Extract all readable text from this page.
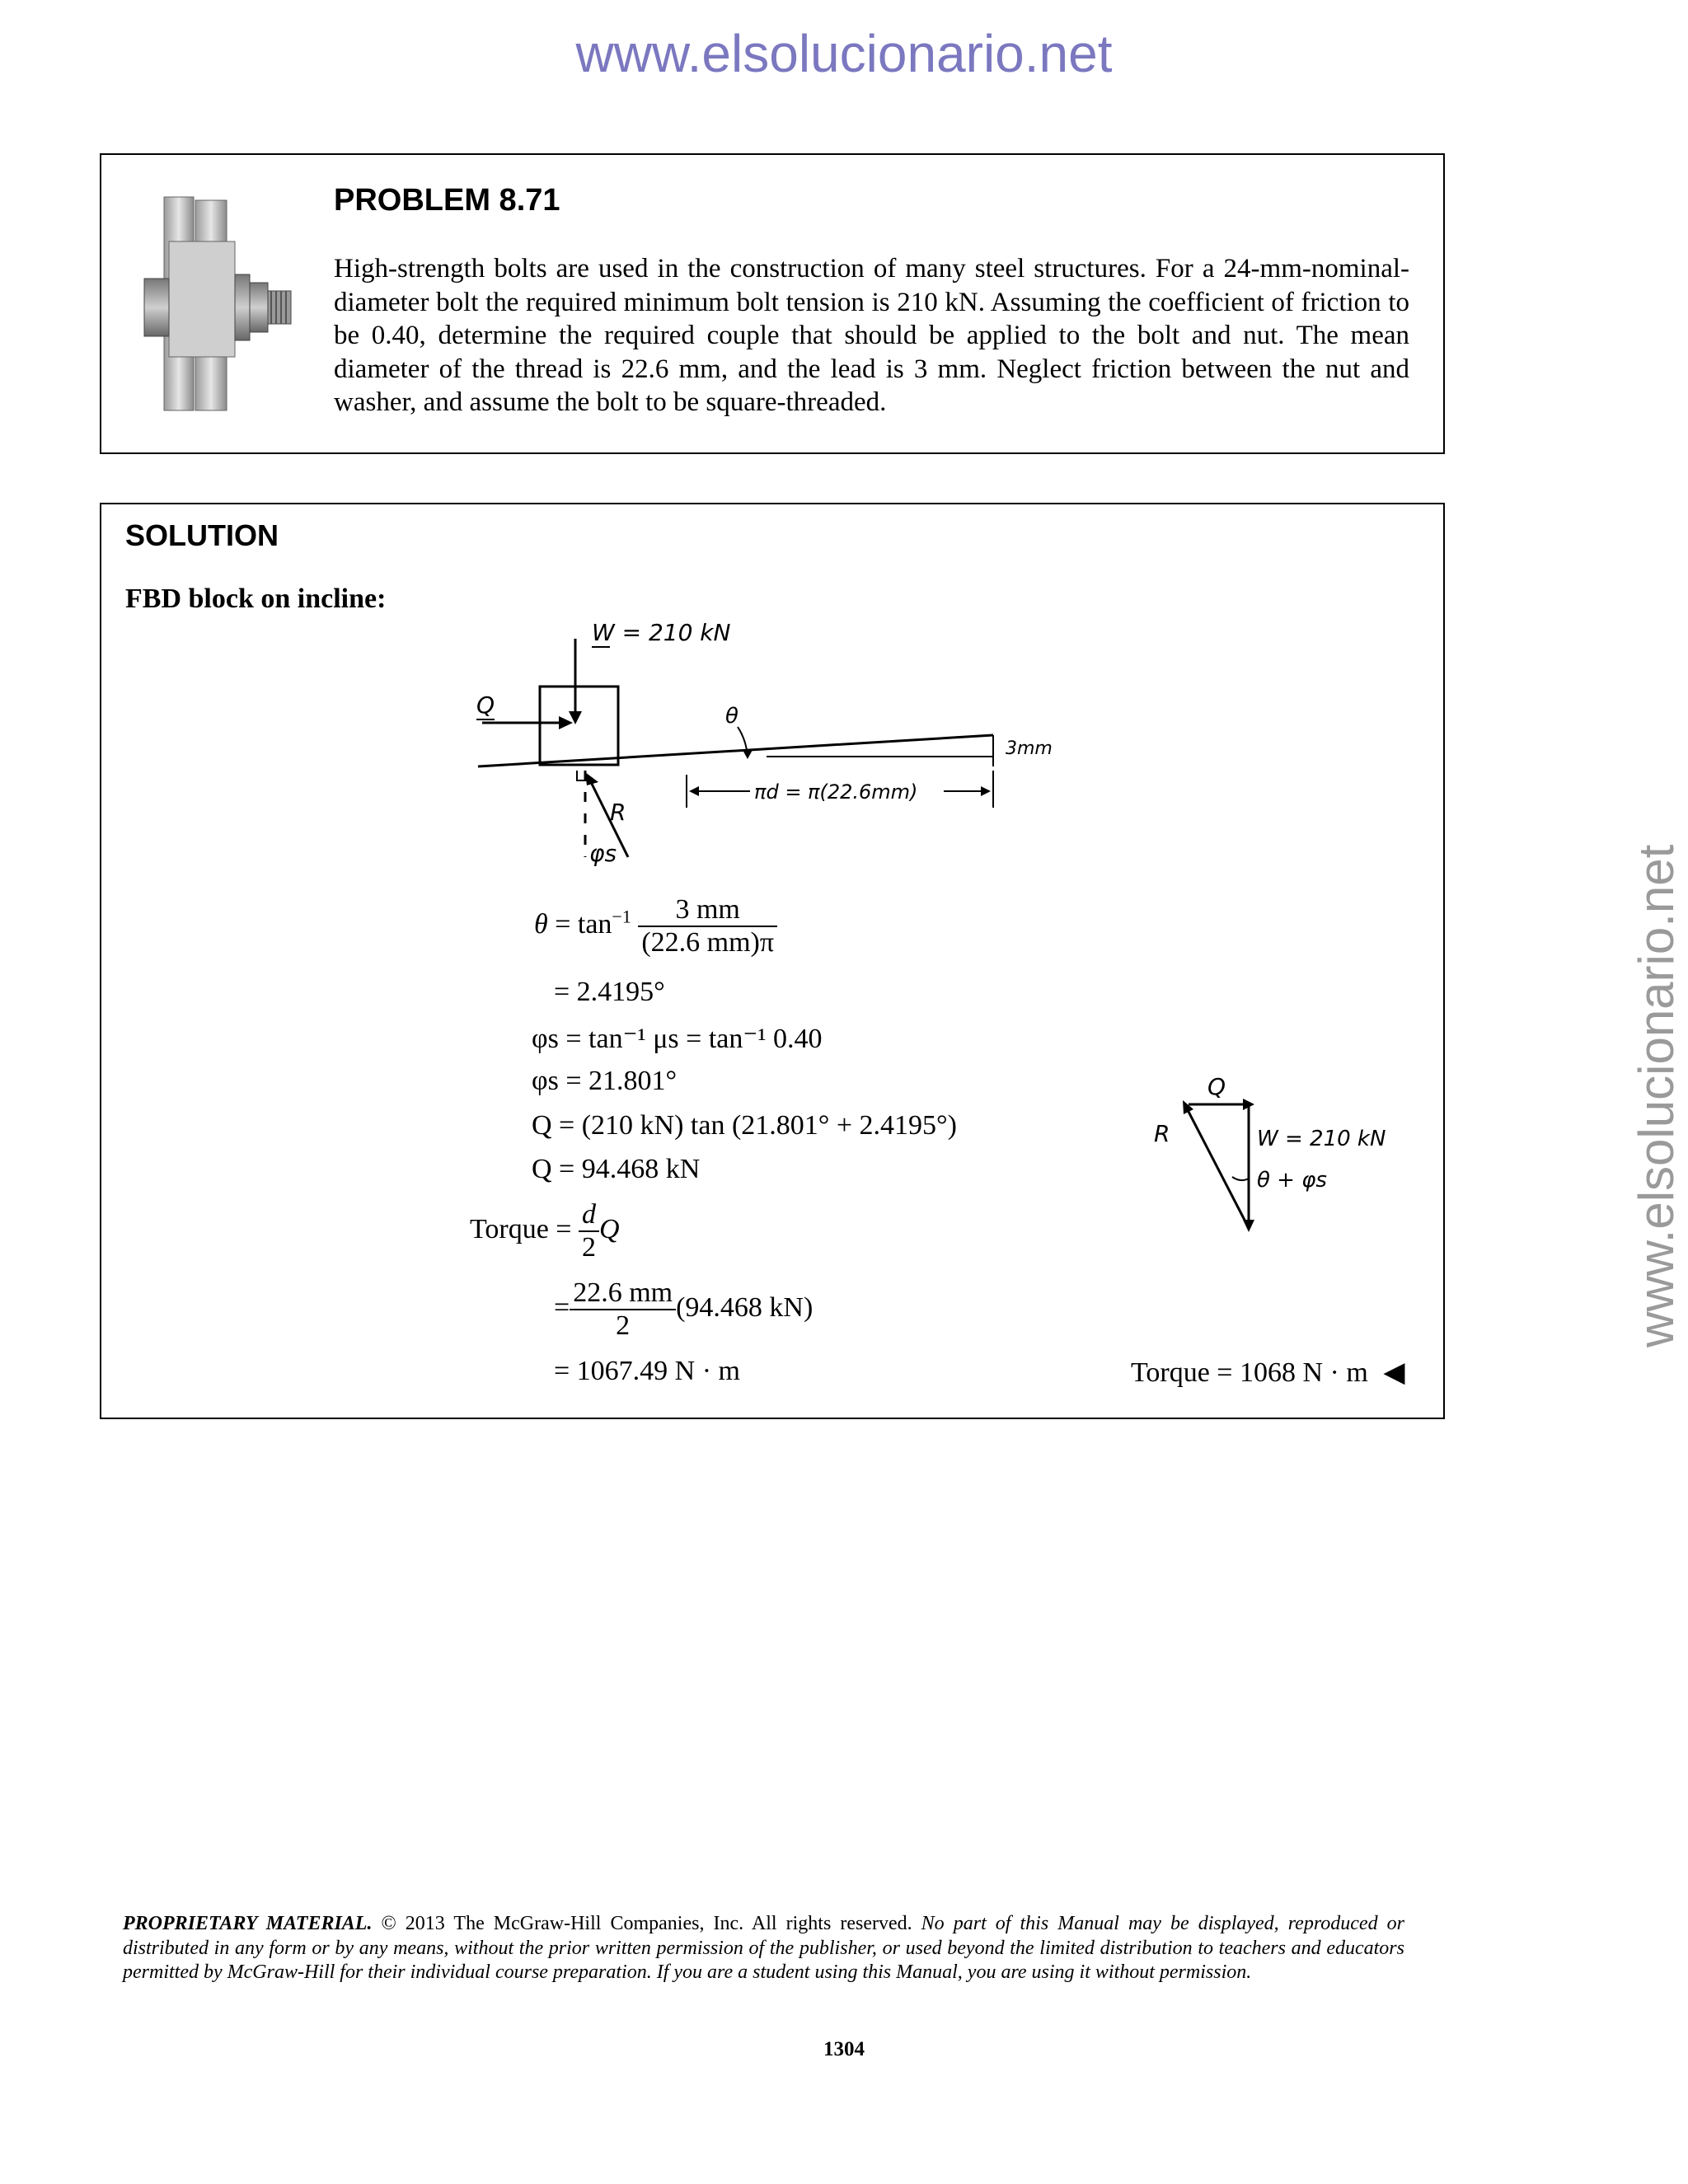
www.elsolucionario.net
www.elsolucionario.net
PROBLEM 8.71
High-strength bolts are used in the construction of many steel structures. For a 24-mm-nominal-diameter bolt the required minimum bolt tension is 210 kN. Assuming the coefficient of friction to be 0.40, determine the required couple that should be applied to the bolt and nut. The mean diameter of the thread is 22.6 mm, and the lead is 3 mm. Neglect friction between the nut and washer, and assume the bolt to be square-threaded.
SOLUTION
FBD block on incline:
W = 210 kN
Q	θ
3mm
πd = π(22.6mm)
R
φs
$\theta = \tan^{-1} \frac{3 mm}{(22.6 mm)\pi}$
= 2.4195°
φs = tan⁻¹ μs = tan⁻¹ 0.40
φs = 21.801°
Q = (210 kN) tan (21.801° + 2.4195°)
Q = 94.468 kN
Torque = $\frac{d}{2}$ Q
= $\frac{22.6 mm}{2} (94.468$ kN)
= 1067.49 N · m	Torque = 1068 N · m ◀
Q
R	W = 210 kN
θ + φs
PROPRIETARY MATERIAL. © 2013 The McGraw-Hill Companies, Inc. All rights reserved. No part of this Manual may be displayed, reproduced or distributed in any form or by any means, without the prior written permission of the publisher, or used beyond the limited distribution to teachers and educators permitted by McGraw-Hill for their individual course preparation. If you are a student using this Manual, you are using it without permission.
1304
